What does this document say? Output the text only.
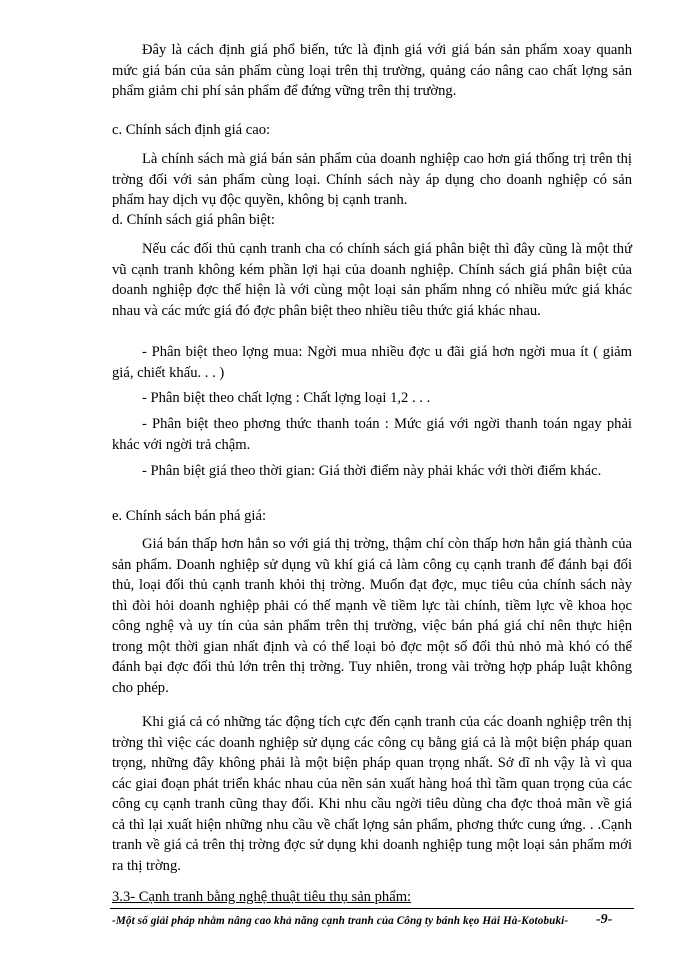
Đây là cách định giá phổ biến, tức là định giá với giá bán sản phẩm xoay quanh mức giá bán của sản phẩm cùng loại trên thị trường, quảng cáo nâng cao chất lợng sản phẩm giảm chi phí sản phẩm để đứng vững trên thị trường.

c. Chính sách định giá cao:

Là chính sách mà giá bán sản phẩm của doanh nghiệp cao hơn giá thống trị trên thị trờng đối với sản phẩm cùng loại. Chính sách này áp dụng cho doanh nghiệp có sản phẩm hay dịch vụ độc quyền, không bị cạnh tranh.

d. Chính sách giá phân biệt:

Nếu các đối thủ cạnh tranh cha có chính sách giá phân biệt thì đây cũng là một thứ vũ cạnh tranh không kém phần lợi hại của doanh nghiệp. Chính sách giá phân biệt của doanh nghiệp đợc thể hiện là với cùng một loại sản phẩm nhng có nhiều mức giá khác nhau và các mức giá đó đợc phân biệt theo nhiều tiêu thức giá khác nhau.

- Phân biệt theo lợng mua: Ngời mua nhiều đợc u đãi giá hơn ngời mua ít ( giảm giá, chiết khấu. . . )

- Phân biệt theo chất lợng : Chất lợng loại 1,2 . . .

- Phân biệt theo phơng thức thanh toán : Mức giá với ngời thanh toán ngay phải khác với ngời trả chậm.

- Phân biệt giá theo thời gian: Giá thời điểm này phải khác với thời điểm khác.

e. Chính sách bán phá giá:

Giá bán thấp hơn hẳn so với giá thị trờng, thậm chí còn thấp hơn hẳn giá thành của sản phẩm. Doanh nghiệp sử dụng vũ khí giá cả làm công cụ cạnh tranh để đánh bại đối thủ, loại đối thủ cạnh tranh khỏi thị trờng. Muốn đạt đợc, mục tiêu của chính sách này thì đòi hỏi doanh nghiệp phải có thế mạnh về tiềm lực tài chính, tiềm lực về khoa học công nghệ và uy tín của sản phẩm trên thị trường, việc bán phá giá chỉ nên thực hiện trong một thời gian nhất định và có thể loại bỏ đợc một số đối thủ nhỏ mà khó có thể đánh bại đợc đối thủ lớn trên thị trờng. Tuy nhiên, trong vài trờng hợp pháp luật không cho phép.

Khi giá cả có những tác động tích cực đến cạnh tranh của các doanh nghiệp trên thị trờng thì việc các doanh nghiệp sử dụng các công cụ bằng giá cả là một biện pháp quan trọng, những đây không phải là một biện pháp quan trọng nhất. Sở dĩ nh vậy là vì qua các giai đoạn phát triển khác nhau của nền sản xuất hàng hoá thì tầm quan trọng của các công cụ cạnh tranh cũng thay đổi. Khi nhu cầu ngời tiêu dùng cha đợc thoả mãn về giá cả thì lại xuất hiện những nhu cầu về chất lợng sản phẩm, phơng thức cung ứng. . .Cạnh tranh về giá cả trên thị trờng đợc sử dụng khi doanh nghiệp tung một loại sản phẩm mới ra thị trờng.

3.3- Cạnh tranh bằng nghệ thuật tiêu thụ sản phẩm:

-Một số giải pháp nhằm nâng cao khả năng cạnh tranh của Công ty bánh kẹo Hải Hà-Kotobuki- -9-
